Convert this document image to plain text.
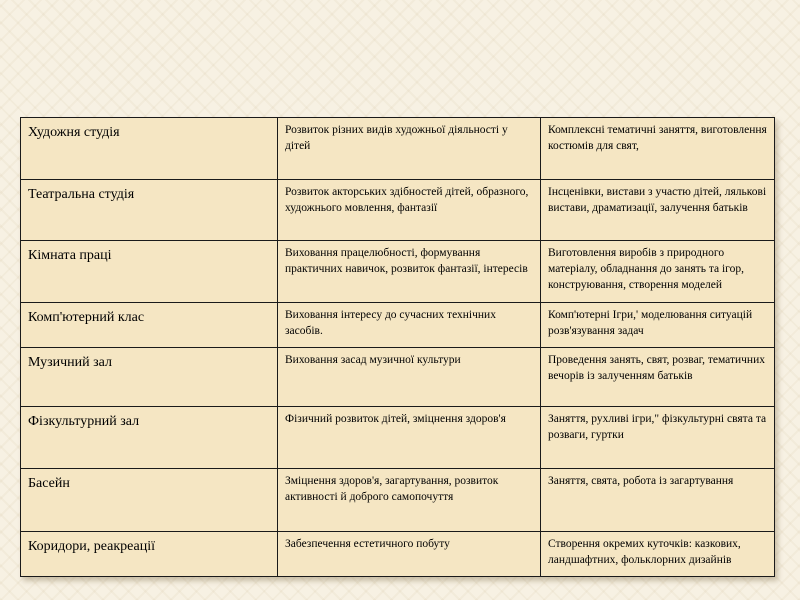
Художня студія	Розвиток різних видів художньої діяльності у дітей	Комплексні тематичні заняття, виготовлення костюмів для свят,
Театральна студія	Розвиток акторських здібностей дітей, образного, художнього мовлення, фантазії	Інсценівки, вистави з участю дітей, лялькові вистави, драматизації, залучення батьків
Кімната праці	Виховання працелюбності, формування практичних навичок, розвиток фантазії, інтересів	Виготовлення виробів з природного матеріалу, обладнання до занять та ігор, конструювання, створення моделей
Комп'ютерний клас	Виховання інтересу до сучасних технічних засобів.	Комп'ютерні Ігри,' моделювання ситуацій розв'язування задач
Музичний зал	Виховання засад музичної культури	Проведення занять, свят, розваг, тематичних вечорів із залученням батьків
Фізкультурний зал	Фізичний розвиток дітей, зміцнення здоров'я	Заняття, рухливі ігри," фізкультурні свята та розваги, гуртки
Басейн	Зміцнення здоров'я, загартування, розвиток активності й доброго самопочуття	Заняття, свята, робота із загартування
Коридори, реакреації	Забезпечення естетичного побуту	Створення окремих куточків: казкових, ландшафтних, фольклорних дизайнів
